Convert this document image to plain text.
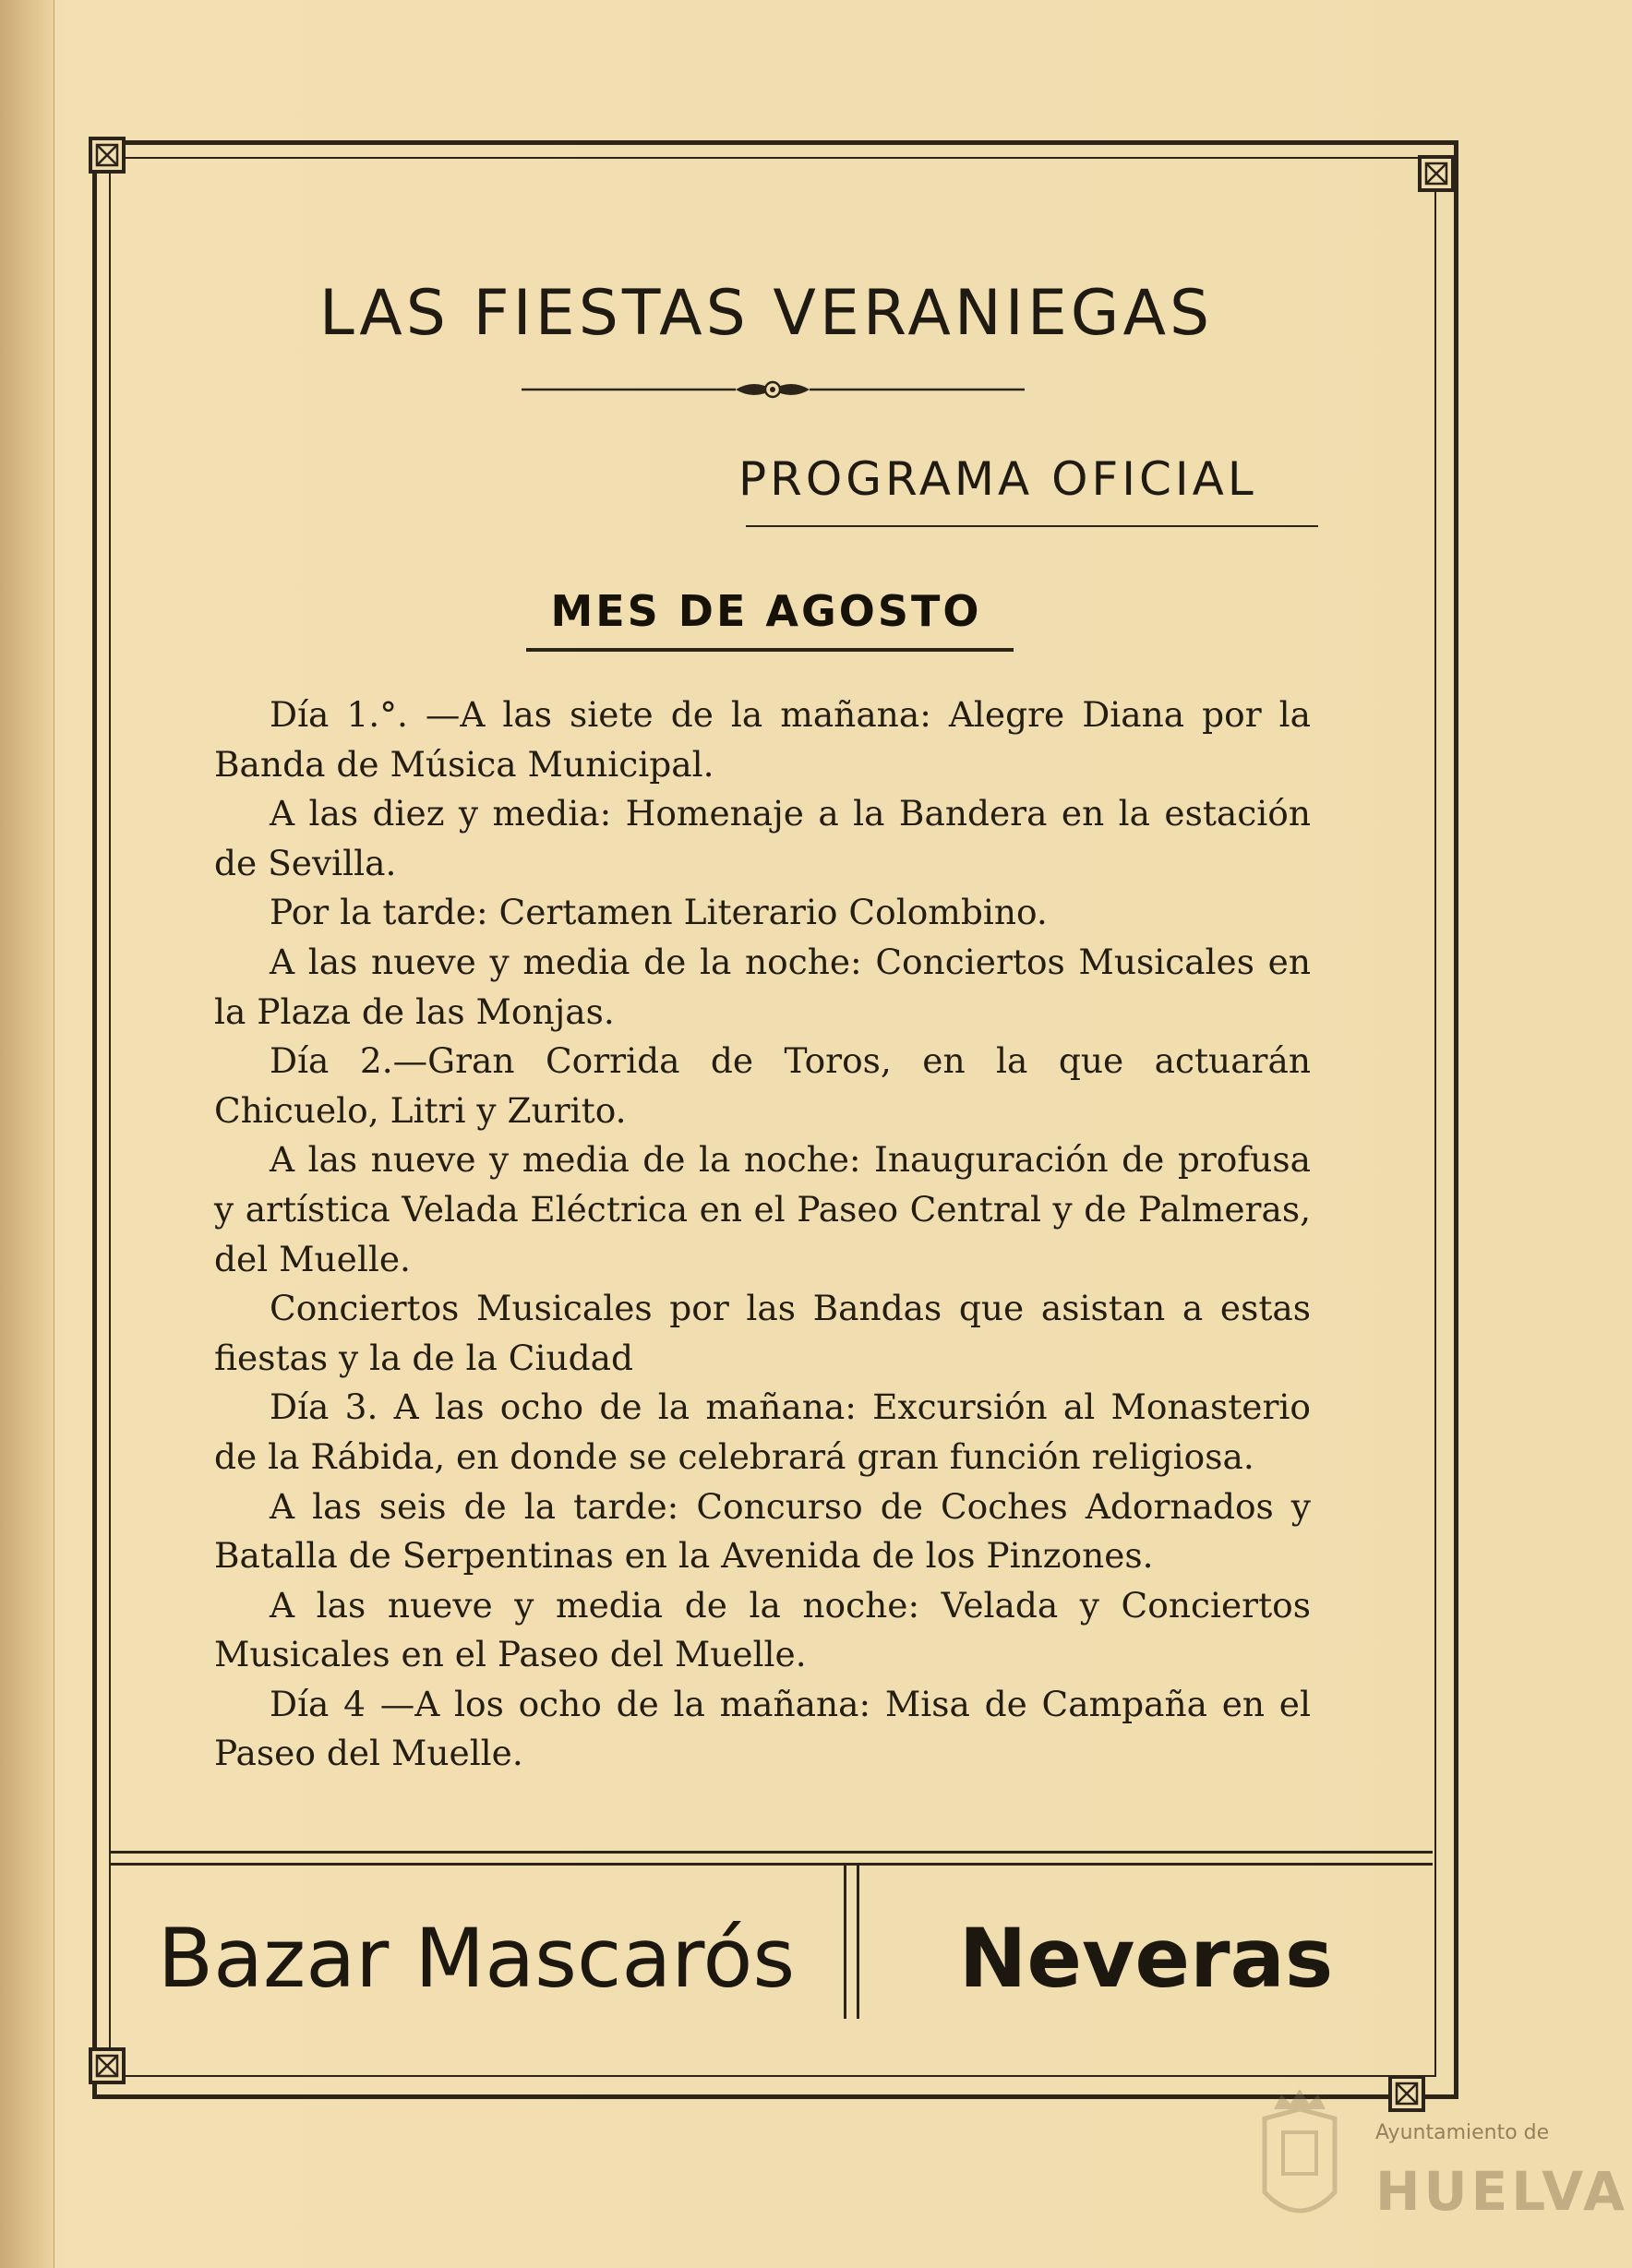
LAS FIESTAS VERANIEGAS
PROGRAMA OFICIAL
MES DE AGOSTO

Día 1.°. —A las siete de la mañana: Alegre Diana por la Banda de Música Municipal.

A las diez y media: Homenaje a la Bandera en la estación de Sevilla.

Por la tarde: Certamen Literario Colombino.

A las nueve y media de la noche: Conciertos Musicales en la Plaza de las Monjas.

Día 2.—Gran Corrida de Toros, en la que actuarán Chicuelo, Litri y Zurito.

A las nueve y media de la noche: Inauguración de profusa y artística Velada Eléctrica en el Paseo Central y de Palmeras, del Muelle.

Conciertos Musicales por las Bandas que asistan a estas fiestas y la de la Ciudad

Día 3. A las ocho de la mañana: Excursión al Monasterio de la Rábida, en donde se celebrará gran función religiosa.

A las seis de la tarde: Concurso de Coches Adornados y Batalla de Serpentinas en la Avenida de los Pinzones.

A las nueve y media de la noche: Velada y Conciertos Musicales en el Paseo del Muelle.

Día 4 —A los ocho de la mañana: Misa de Campaña en el Paseo del Muelle.

Bazar Mascarós	Neveras
Ayuntamiento de
HUELVA
